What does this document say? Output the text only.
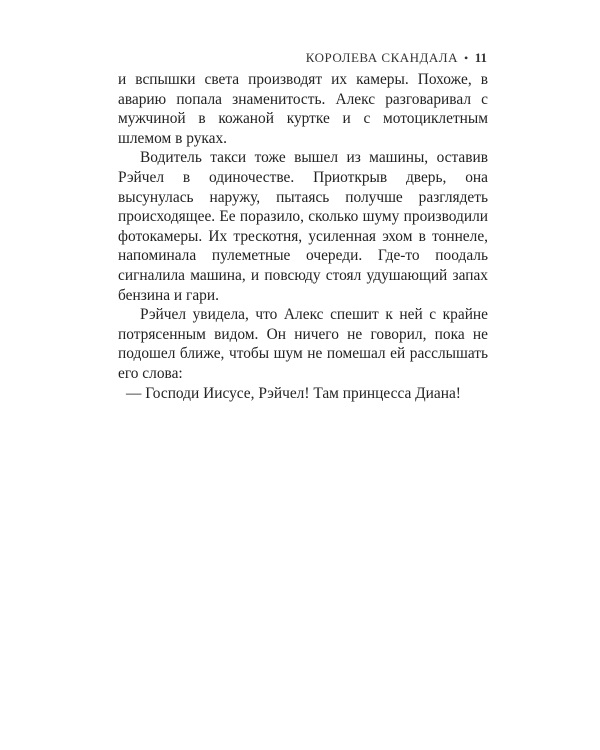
КОРОЛЕВА СКАНДАЛА • 11

и вспышки света производят их камеры. Похоже, в аварию попала знаменитость. Алекс разговаривал с мужчиной в кожаной куртке и с мотоциклетным шлемом в руках.

Водитель такси тоже вышел из машины, оставив Рэйчел в одиночестве. Приоткрыв дверь, она высунулась наружу, пытаясь получше разглядеть происходящее. Ее поразило, сколько шуму производили фотокамеры. Их трескотня, усиленная эхом в тоннеле, напоминала пулеметные очереди. Где-то поодаль сигналила машина, и повсюду стоял удушающий запах бензина и гари.

Рэйчел увидела, что Алекс спешит к ней с крайне потрясенным видом. Он ничего не говорил, пока не подошел ближе, чтобы шум не помешал ей расслышать его слова:

— Господи Иисусе, Рэйчел! Там принцесса Диана!
